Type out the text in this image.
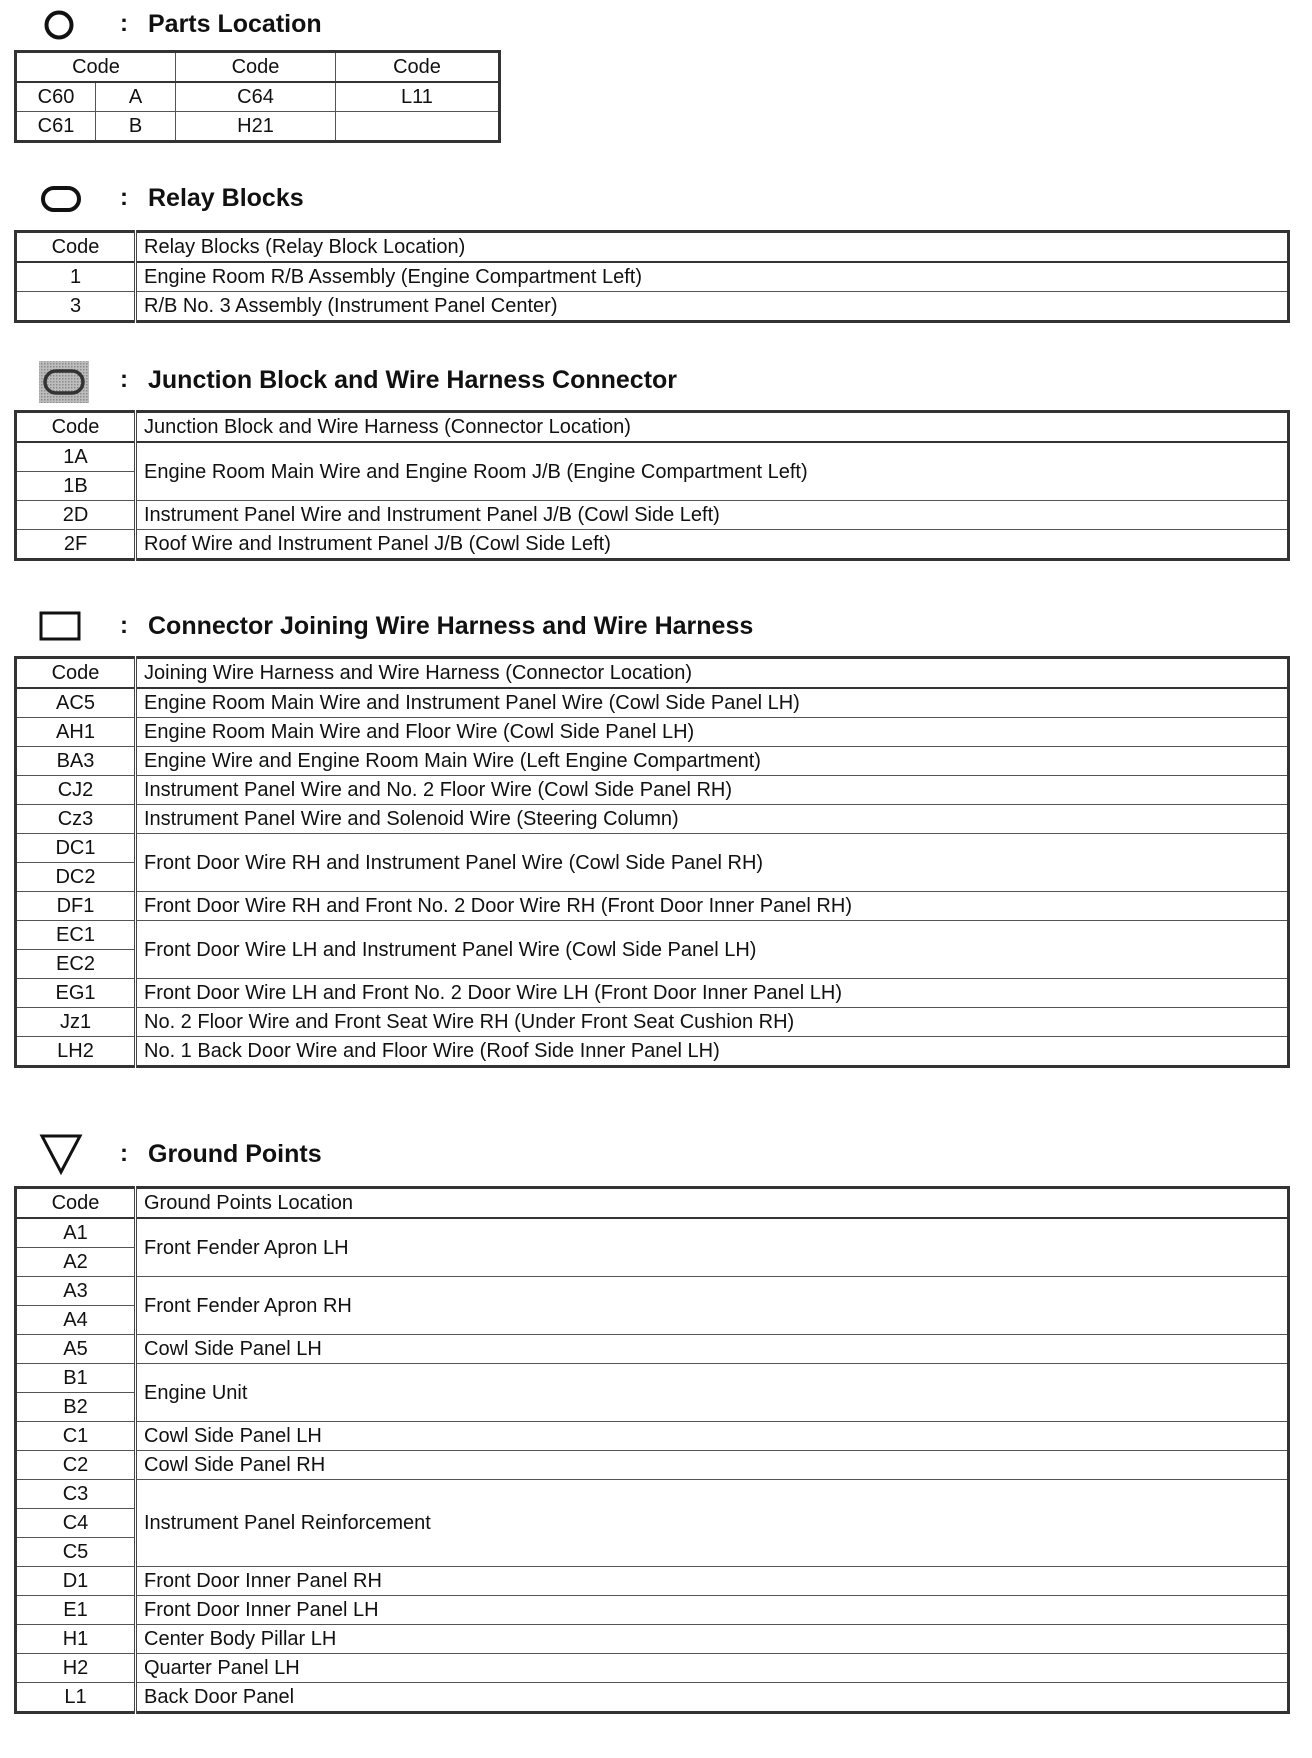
: Parts Location
Code		Code	Code
C60	A	C64	L11
C61	B	H21	
: Relay Blocks
Code	Relay Blocks (Relay Block Location)
1	Engine Room R/B Assembly (Engine Compartment Left)
3	R/B No. 3 Assembly (Instrument Panel Center)
: Junction Block and Wire Harness Connector
Code	Junction Block and Wire Harness (Connector Location)
1A	Engine Room Main Wire and Engine Room J/B (Engine Compartment Left)
1B	
2D	Instrument Panel Wire and Instrument Panel J/B (Cowl Side Left)
2F	Roof Wire and Instrument Panel J/B (Cowl Side Left)
: Connector Joining Wire Harness and Wire Harness
Code	Joining Wire Harness and Wire Harness (Connector Location)
AC5	Engine Room Main Wire and Instrument Panel Wire (Cowl Side Panel LH)
AH1	Engine Room Main Wire and Floor Wire (Cowl Side Panel LH)
BA3	Engine Wire and Engine Room Main Wire (Left Engine Compartment)
CJ2	Instrument Panel Wire and No. 2 Floor Wire (Cowl Side Panel RH)
Cz3	Instrument Panel Wire and Solenoid Wire (Steering Column)
DC1	Front Door Wire RH and Instrument Panel Wire (Cowl Side Panel RH)
DC2	
DF1	Front Door Wire RH and Front No. 2 Door Wire RH (Front Door Inner Panel RH)
EC1	Front Door Wire LH and Instrument Panel Wire (Cowl Side Panel LH)
EC2	
EG1	Front Door Wire LH and Front No. 2 Door Wire LH (Front Door Inner Panel LH)
Jz1	No. 2 Floor Wire and Front Seat Wire RH (Under Front Seat Cushion RH)
LH2	No. 1 Back Door Wire and Floor Wire (Roof Side Inner Panel LH)
: Ground Points
Code	Ground Points Location
A1	Front Fender Apron LH
A2	
A3	Front Fender Apron RH
A4	
A5	Cowl Side Panel LH
B1	Engine Unit
B2	
C1	Cowl Side Panel LH
C2	Cowl Side Panel RH
C3	Instrument Panel Reinforcement
C4	
C5	
D1	Front Door Inner Panel RH
E1	Front Door Inner Panel LH
H1	Center Body Pillar LH
H2	Quarter Panel LH
L1	Back Door Panel
